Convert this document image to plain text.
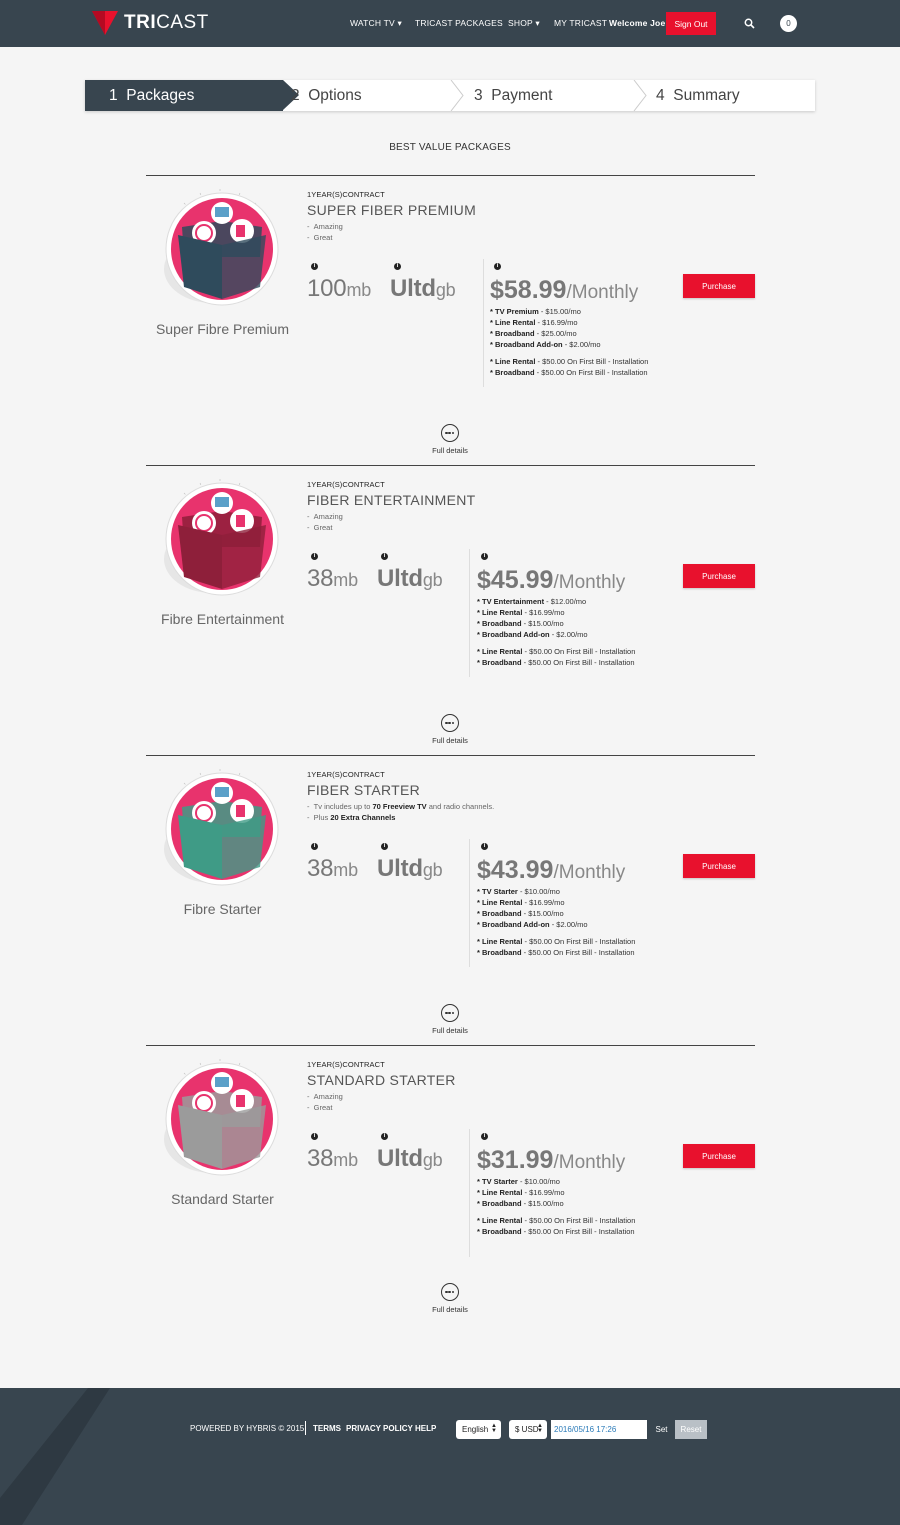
TRICAST	WATCH TV ▾ TRICAST PACKAGES SHOP ▾ MY TRICAST Welcome Joe	Sign Out	0
1
Packages	2
Options	3
Payment	4
Summary
BEST VALUE PACKAGES
Super Fibre Premium
1YEAR(S)CONTRACT
SUPER FIBER PREMIUM
-  Amazing
-  Great
i	i	i
100mb Ultdgb $58.99/Monthly
* TV Premium - $15.00/mo
* Line Rental - $16.99/mo
* Broadband - $25.00/mo
* Broadband Add-on - $2.00/mo
* Line Rental - $50.00 On First Bill - Installation
* Broadband - $50.00 On First Bill - Installation
Purchase
Full details
Fibre Entertainment
1YEAR(S)CONTRACT
FIBER ENTERTAINMENT
-  Amazing
-  Great
i	i	i
38mb Ultdgb $45.99/Monthly
* TV Entertainment - $12.00/mo
* Line Rental - $16.99/mo
* Broadband - $15.00/mo
* Broadband Add-on - $2.00/mo
* Line Rental - $50.00 On First Bill - Installation
* Broadband - $50.00 On First Bill - Installation
Purchase
Full details
Fibre Starter
1YEAR(S)CONTRACT
FIBER STARTER
-  Tv includes up to 70 Freeview TV and radio channels.
-  Plus 20 Extra Channels
i	i	i
38mb Ultdgb $43.99/Monthly
* TV Starter - $10.00/mo
* Line Rental - $16.99/mo
* Broadband - $15.00/mo
* Broadband Add-on - $2.00/mo
* Line Rental - $50.00 On First Bill - Installation
* Broadband - $50.00 On First Bill - Installation
Purchase
Full details
Standard Starter
1YEAR(S)CONTRACT
STANDARD STARTER
-  Amazing
-  Great
i	i	i
38mb Ultdgb $31.99/Monthly
* TV Starter - $10.00/mo
* Line Rental - $16.99/mo
* Broadband - $15.00/mo
* Line Rental - $50.00 On First Bill - Installation
* Broadband - $50.00 On First Bill - Installation
Purchase
Full details
POWERED BY HYBRIS © 2015 TERMS PRIVACY POLICY HELP	English ▲
▼ $ USD
▲
▼	2016/05/16 17:26	Set	Reset
